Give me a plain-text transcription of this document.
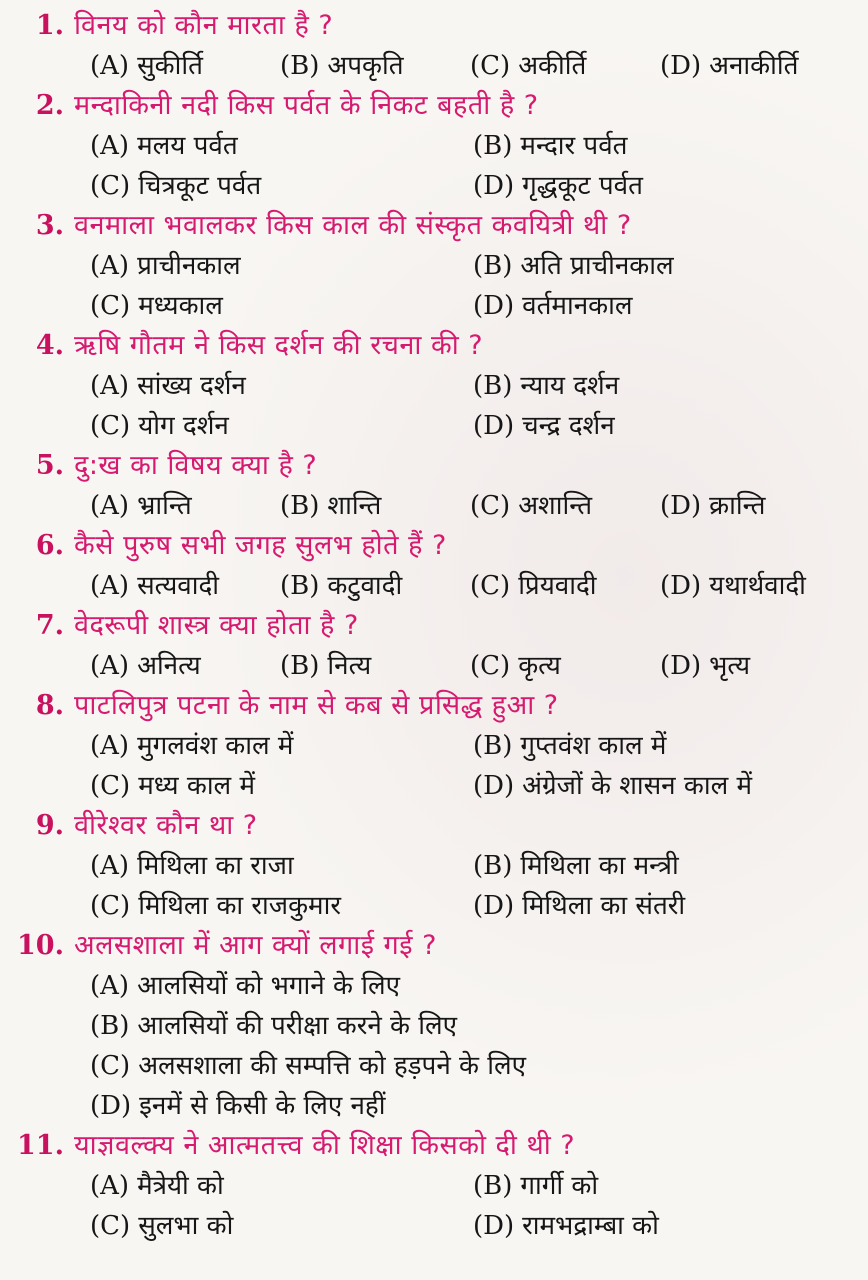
1. विनय को कौन मारता है ?
(A) सुकीर्ति	(B) अपकृति	(C) अकीर्ति	(D) अनाकीर्ति
2. मन्दाकिनी नदी किस पर्वत के निकट बहती है ?
(A) मलय पर्वत	(B) मन्दार पर्वत
(C) चित्रकूट पर्वत	(D) गृद्धकूट पर्वत
3. वनमाला भवालकर किस काल की संस्कृत कवयित्री थी ?
(A) प्राचीनकाल	(B) अति प्राचीनकाल
(C) मध्यकाल	(D) वर्तमानकाल
4. ऋषि गौतम ने किस दर्शन की रचना की ?
(A) सांख्य दर्शन	(B) न्याय दर्शन
(C) योग दर्शन	(D) चन्द्र दर्शन
5. दु:ख का विषय क्या है ?
(A) भ्रान्ति	(B) शान्ति	(C) अशान्ति	(D) क्रान्ति
6. कैसे पुरुष सभी जगह सुलभ होते हैं ?
(A) सत्यवादी	(B) कटुवादी	(C) प्रियवादी	(D) यथार्थवादी
7. वेदरूपी शास्त्र क्या होता है ?
(A) अनित्य	(B) नित्य	(C) कृत्य	(D) भृत्य
8. पाटलिपुत्र पटना के नाम से कब से प्रसिद्ध हुआ ?
(A) मुगलवंश काल में	(B) गुप्तवंश काल में
(C) मध्य काल में	(D) अंग्रेजों के शासन काल में
9. वीरेश्वर कौन था ?
(A) मिथिला का राजा	(B) मिथिला का मन्त्री
(C) मिथिला का राजकुमार	(D) मिथिला का संतरी
10. अलसशाला में आग क्यों लगाई गई ?
(A) आलसियों को भगाने के लिए
(B) आलसियों की परीक्षा करने के लिए
(C) अलसशाला की सम्पत्ति को हड़पने के लिए
(D) इनमें से किसी के लिए नहीं
11. याज्ञवल्क्य ने आत्मतत्त्व की शिक्षा किसको दी थी ?
(A) मैत्रेयी को	(B) गार्गी को
(C) सुलभा को	(D) रामभद्राम्बा को
